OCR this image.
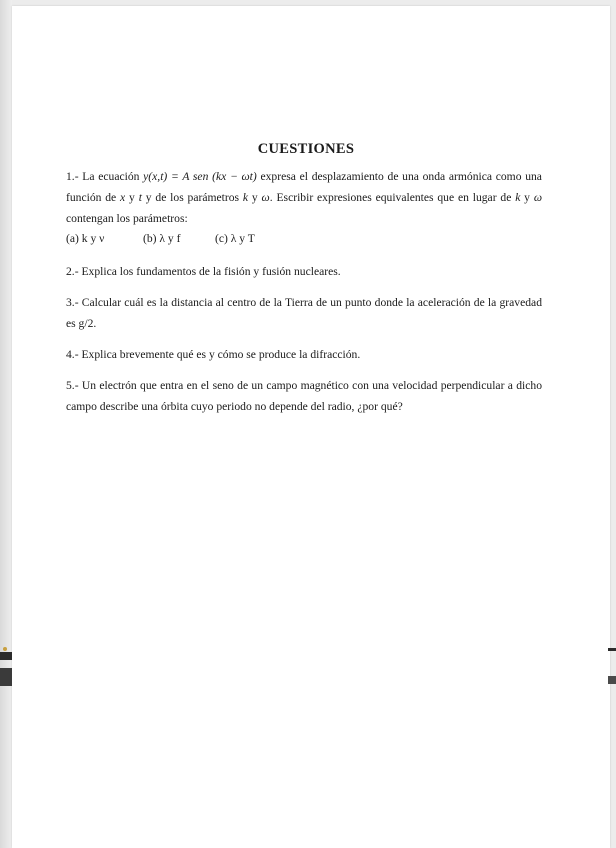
CUESTIONES

1.- La ecuación y(x,t) = A sen (kx − ωt) expresa el desplazamiento de una onda armónica como una función de x y t y de los parámetros k y ω. Escribir expresiones equivalentes que en lugar de k y ω contengan los parámetros:

(a) k y ν	(b) λ y f	(c) λ y T

2.- Explica los fundamentos de la fisión y fusión nucleares.

3.- Calcular cuál es la distancia al centro de la Tierra de un punto donde la aceleración de la gravedad es g/2.

4.- Explica brevemente qué es y cómo se produce la difracción.

5.- Un electrón que entra en el seno de un campo magnético con una velocidad perpendicular a dicho campo describe una órbita cuyo periodo no depende del radio, ¿por qué?
